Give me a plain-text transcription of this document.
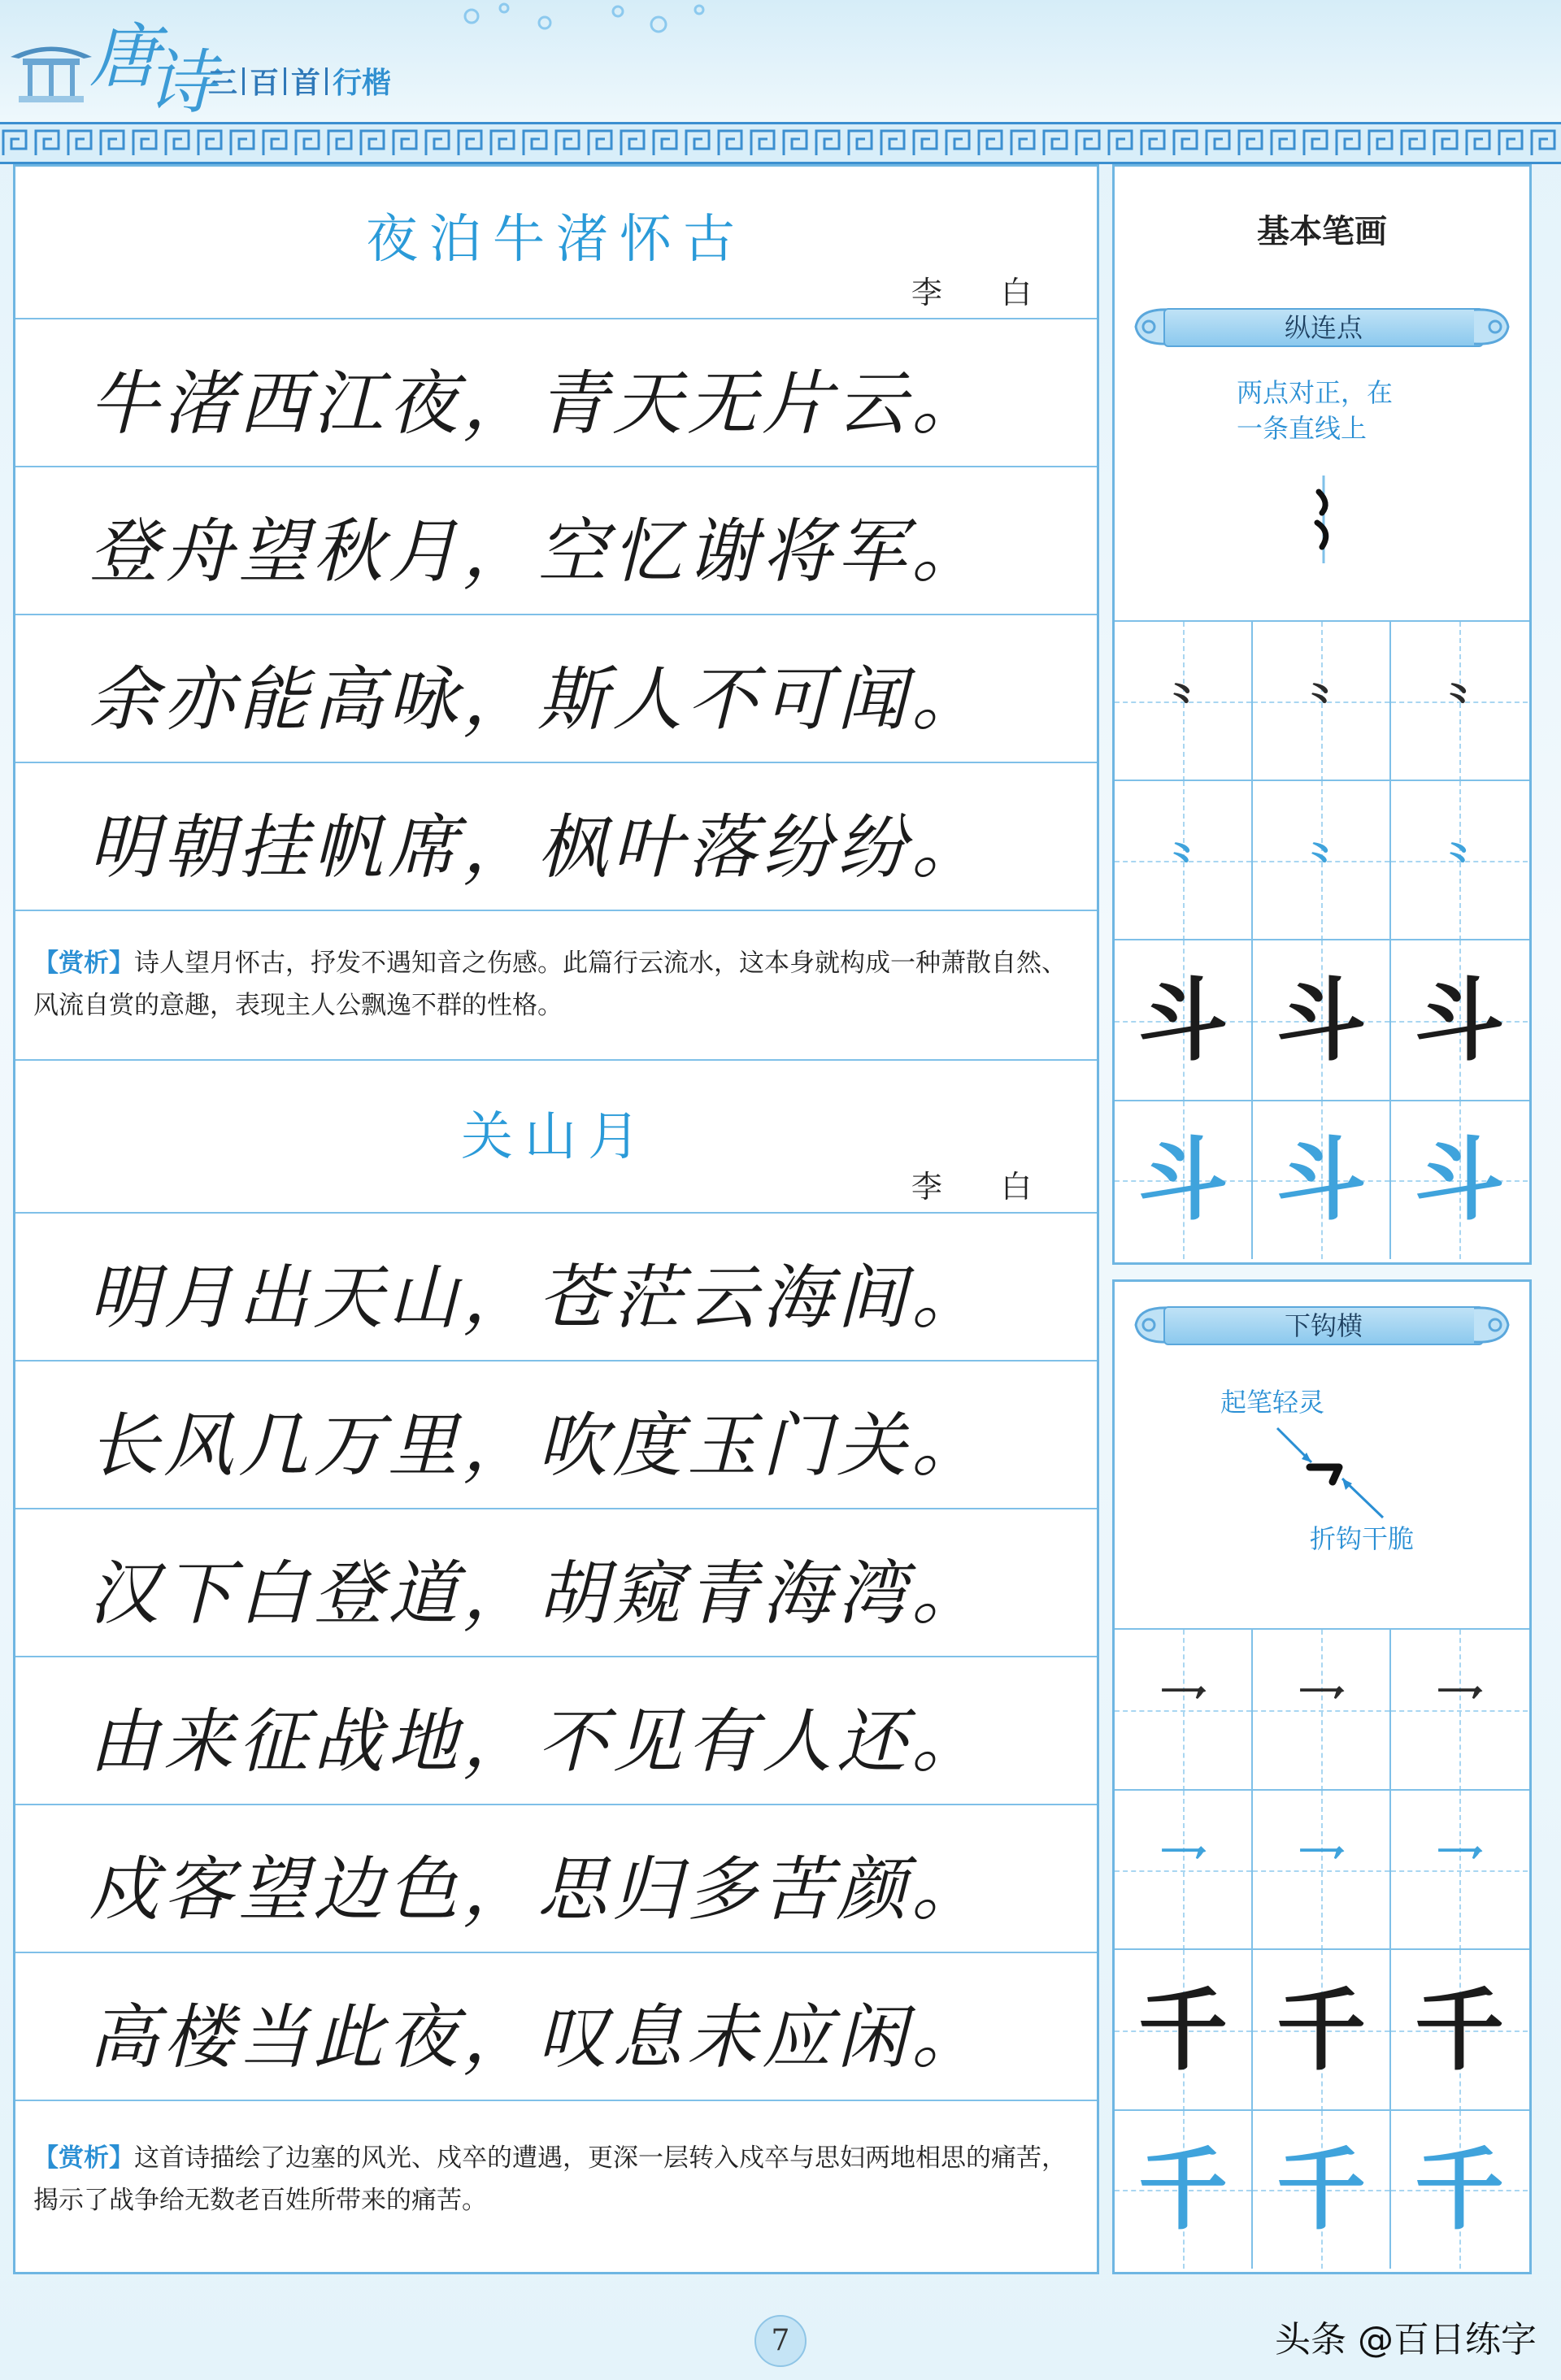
唐
诗
三 百 首 行楷
夜泊牛渚怀古
李 白
牛渚西江夜，青天无片云。
登舟望秋月，空忆谢将军。
余亦能高咏，斯人不可闻。
明朝挂帆席，枫叶落纷纷。
【赏析】诗人望月怀古，抒发不遇知音之伤感。此篇行云流水，这本身就构成一种萧散自然、风流自赏的意趣，表现主人公飘逸不群的性格。
关山月
李 白
明月出天山，苍茫云海间。
长风几万里，吹度玉门关。
汉下白登道，胡窥青海湾。
由来征战地，不见有人还。
戍客望边色，思归多苦颜。
高楼当此夜，叹息未应闲。
【赏析】这首诗描绘了边塞的风光、戍卒的遭遇，更深一层转入戍卒与思妇两地相思的痛苦，揭示了战争给无数老百姓所带来的痛苦。
基本笔画
纵连点
两点对正，在
一条直线上
⺀	⺀	⺀
⺀	⺀	⺀
斗 斗 斗
斗 斗 斗
下钩横
起笔轻灵
折钩干脆
乛	乛	乛
乛	乛	乛
千 千 千
千 千 千
7	头条 @百日练字
